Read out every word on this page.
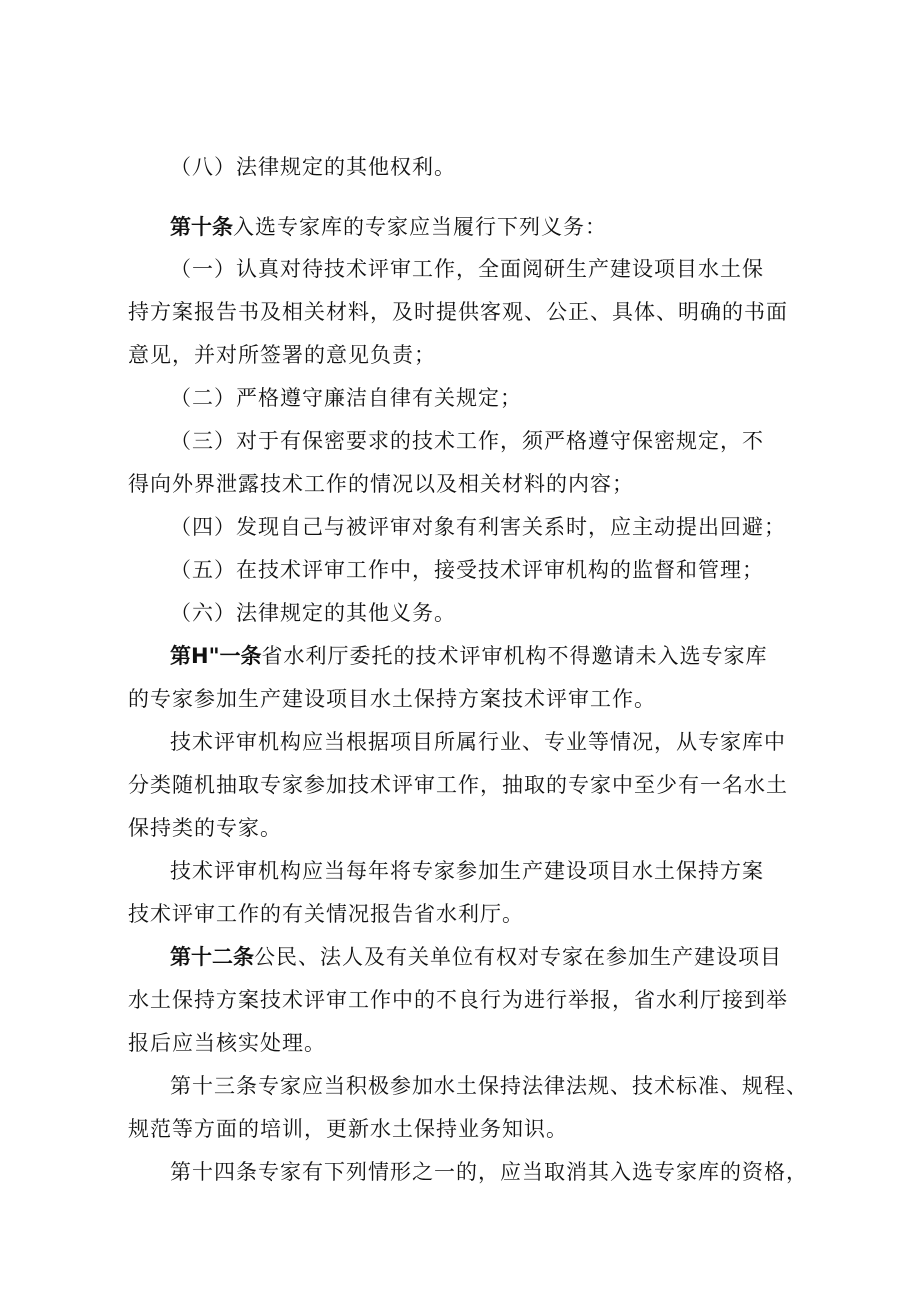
（八）法律规定的其他权利。
第十条入选专家库的专家应当履行下列义务：
（一）认真对待技术评审工作，全面阅研生产建设项目水土保
持方案报告书及相关材料，及时提供客观、公正、具体、明确的书面
意见，并对所签署的意见负责；
（二）严格遵守廉洁自律有关规定；
（三）对于有保密要求的技术工作，须严格遵守保密规定，不
得向外界泄露技术工作的情况以及相关材料的内容；
（四）发现自己与被评审对象有利害关系时，应主动提出回避；
（五）在技术评审工作中，接受技术评审机构的监督和管理；
（六）法律规定的其他义务。
第H"一条省水利厅委托的技术评审机构不得邀请未入选专家库
的专家参加生产建设项目水土保持方案技术评审工作。
技术评审机构应当根据项目所属行业、专业等情况，从专家库中
分类随机抽取专家参加技术评审工作，抽取的专家中至少有一名水土
保持类的专家。
技术评审机构应当每年将专家参加生产建设项目水土保持方案
技术评审工作的有关情况报告省水利厅。
第十二条公民、法人及有关单位有权对专家在参加生产建设项目
水土保持方案技术评审工作中的不良行为进行举报，省水利厅接到举
报后应当核实处理。
第十三条专家应当积极参加水土保持法律法规、技术标准、规程、
规范等方面的培训，更新水土保持业务知识。
第十四条专家有下列情形之一的，应当取消其入选专家库的资格，
